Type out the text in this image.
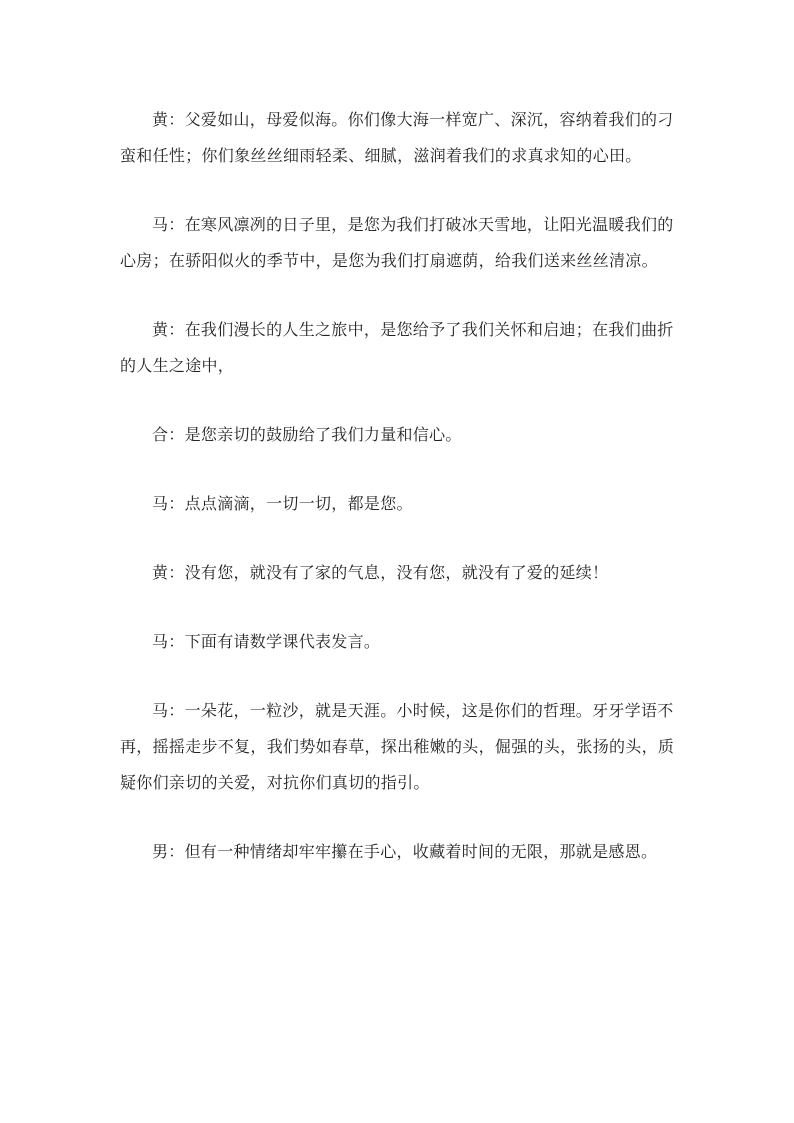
黄：父爱如山，母爱似海。你们像大海一样宽广、深沉，容纳着我们的刁蛮和任性；你们象丝丝细雨轻柔、细腻，滋润着我们的求真求知的心田。

马：在寒风凛冽的日子里，是您为我们打破冰天雪地，让阳光温暖我们的心房；在骄阳似火的季节中，是您为我们打扇遮荫，给我们送来丝丝清凉。

黄：在我们漫长的人生之旅中，是您给予了我们关怀和启迪；在我们曲折的人生之途中，

合：是您亲切的鼓励给了我们力量和信心。

马：点点滴滴，一切一切，都是您。

黄：没有您，就没有了家的气息，没有您，就没有了爱的延续！

马：下面有请数学课代表发言。

马：一朵花，一粒沙，就是天涯。小时候，这是你们的哲理。牙牙学语不再，摇摇走步不复，我们势如春草，探出稚嫩的头，倔强的头，张扬的头，质疑你们亲切的关爱，对抗你们真切的指引。

男：但有一种情绪却牢牢攥在手心，收藏着时间的无限，那就是感恩。
